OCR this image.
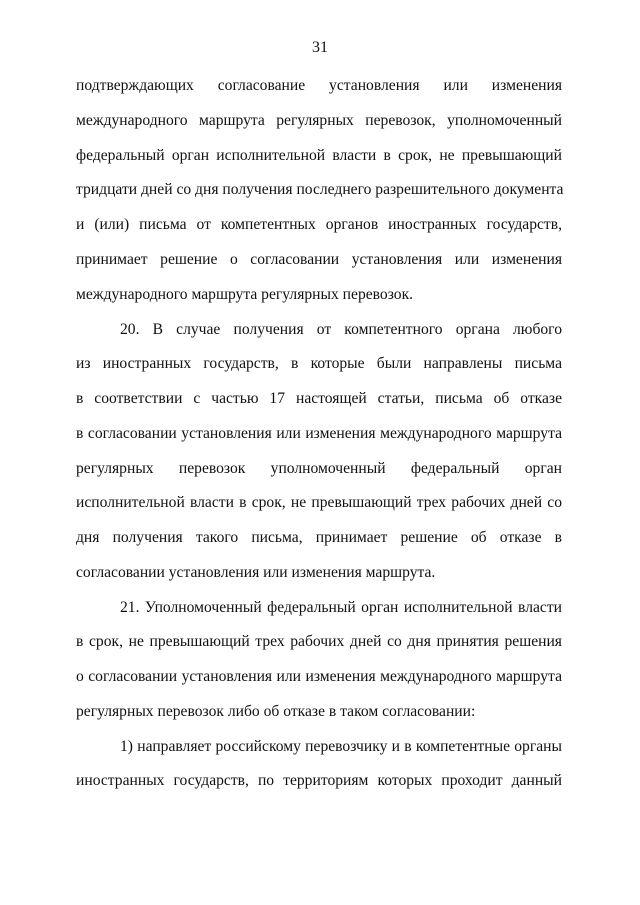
31
подтверждающих согласование установления или изменения
международного маршрута регулярных перевозок, уполномоченный
федеральный орган исполнительной власти в срок, не превышающий
тридцати дней со дня получения последнего разрешительного документа
и (или) письма от компетентных органов иностранных государств,
принимает решение о согласовании установления или изменения
международного маршрута регулярных перевозок.
20. В случае получения от компетентного органа любого
из иностранных государств, в которые были направлены письма
в соответствии с частью 17 настоящей статьи, письма об отказе
в согласовании установления или изменения международного маршрута
регулярных перевозок уполномоченный федеральный орган
исполнительной власти в срок, не превышающий трех рабочих дней со
дня получения такого письма, принимает решение об отказе в
согласовании установления или изменения маршрута.
21. Уполномоченный федеральный орган исполнительной власти
в срок, не превышающий трех рабочих дней со дня принятия решения
о согласовании установления или изменения международного маршрута
регулярных перевозок либо об отказе в таком согласовании:
1) направляет российскому перевозчику и в компетентные органы
иностранных государств, по территориям которых проходит данный
